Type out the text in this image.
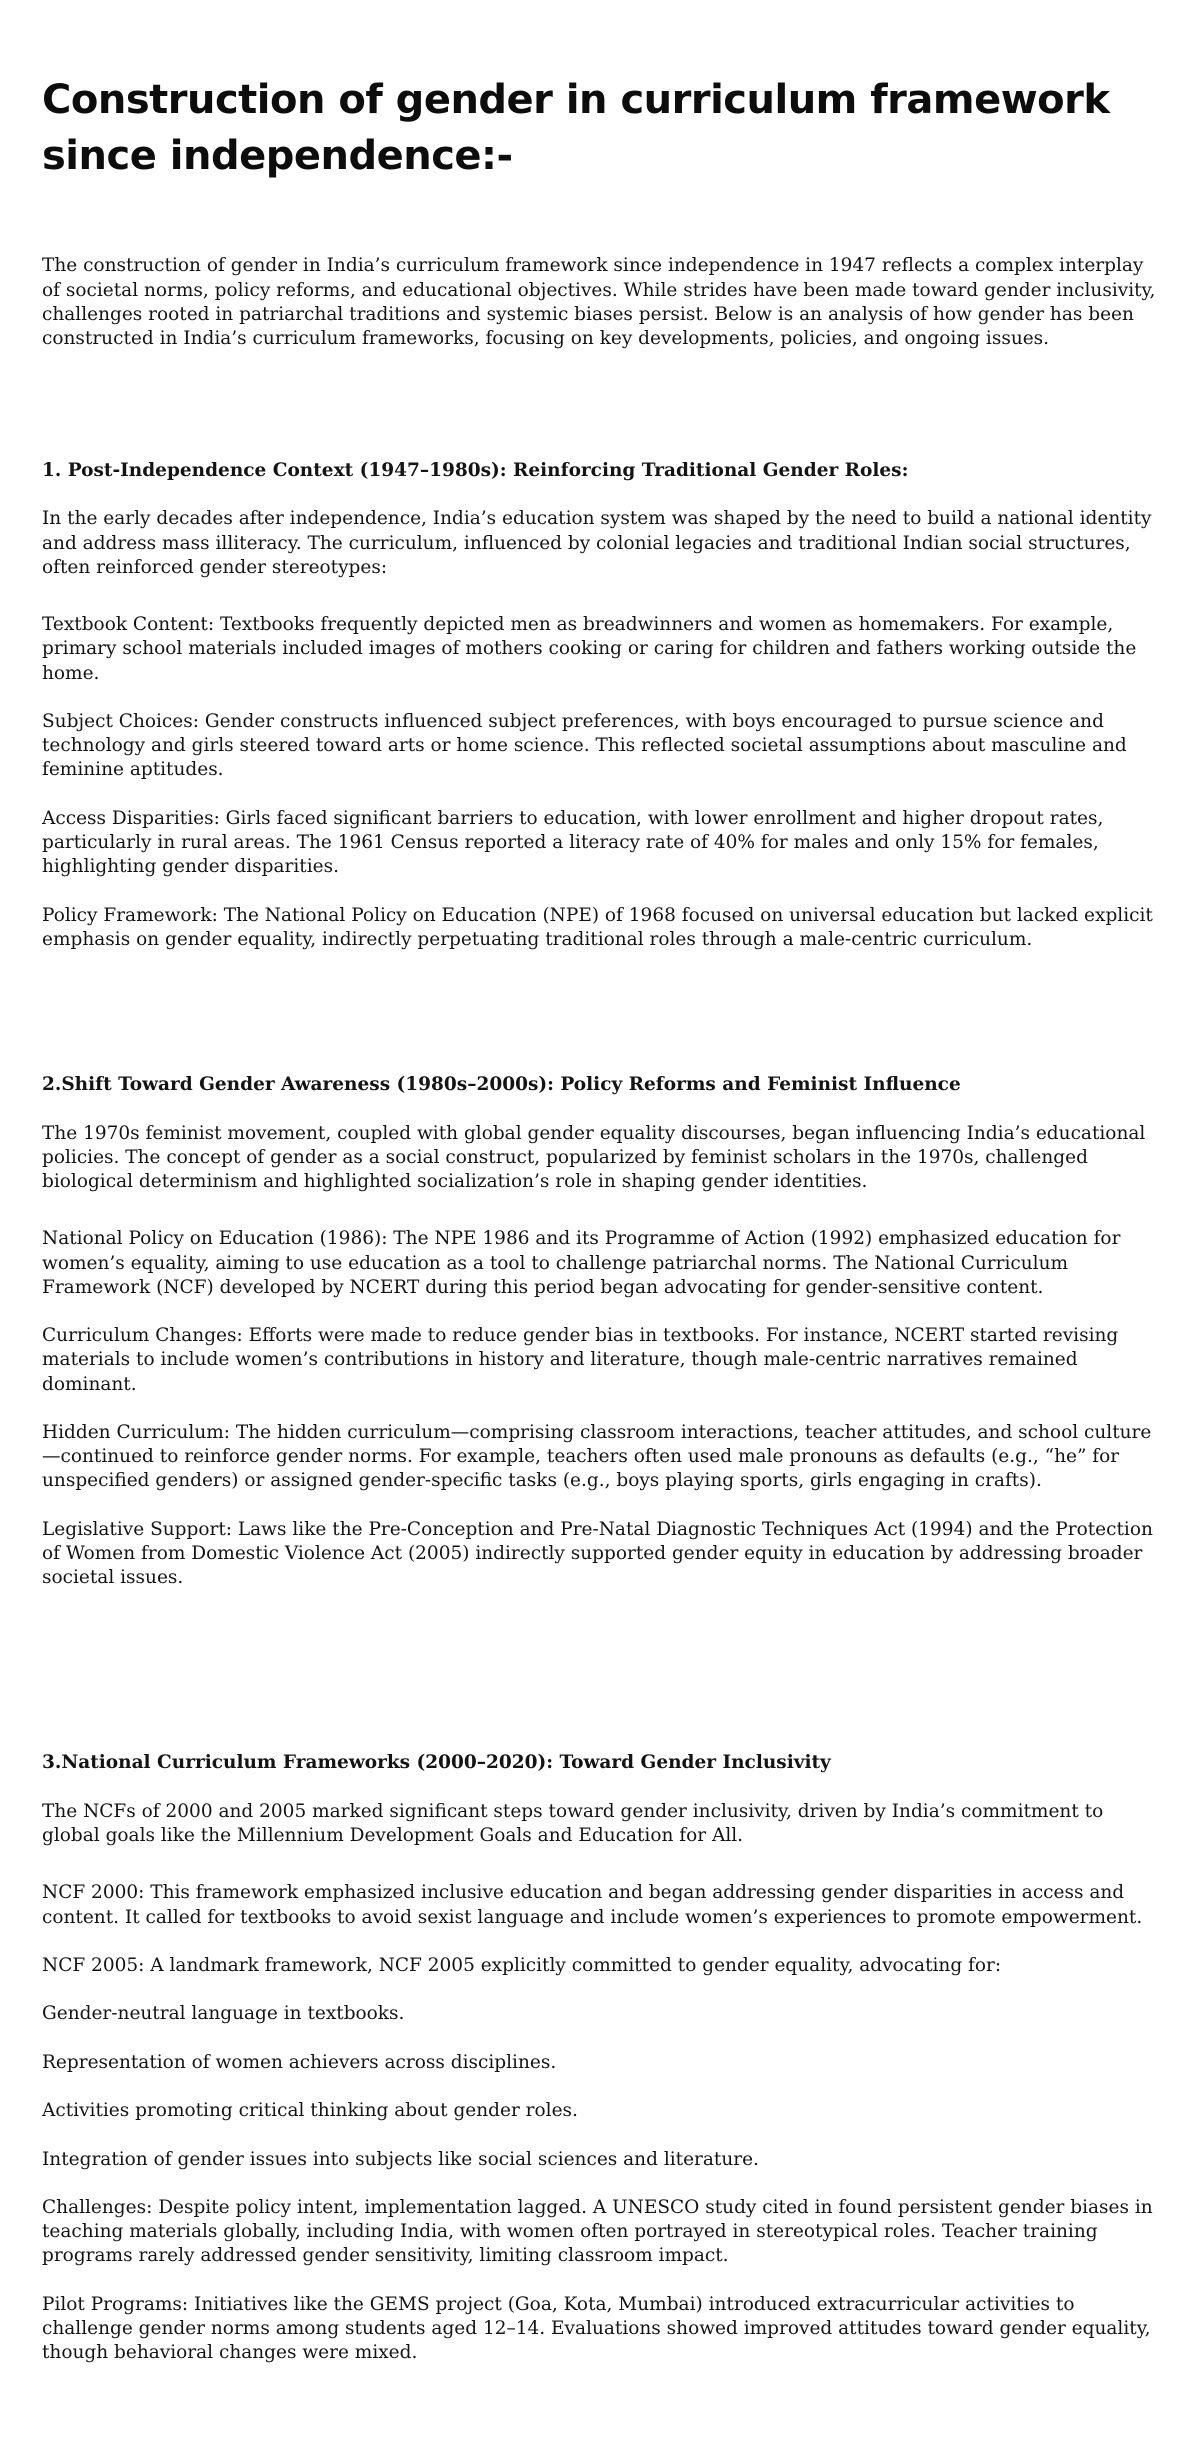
Construction of gender in curriculum framework since independence:-

The construction of gender in India’s curriculum framework since independence in 1947 reflects a complex interplay of societal norms, policy reforms, and educational objectives. While strides have been made toward gender inclusivity, challenges rooted in patriarchal traditions and systemic biases persist. Below is an analysis of how gender has been constructed in India’s curriculum frameworks, focusing on key developments, policies, and ongoing issues.

1. Post-Independence Context (1947–1980s): Reinforcing Traditional Gender Roles:

In the early decades after independence, India’s education system was shaped by the need to build a national identity and address mass illiteracy. The curriculum, influenced by colonial legacies and traditional Indian social structures, often reinforced gender stereotypes:

Textbook Content: Textbooks frequently depicted men as breadwinners and women as homemakers. For example, primary school materials included images of mothers cooking or caring for children and fathers working outside the home.

Subject Choices: Gender constructs influenced subject preferences, with boys encouraged to pursue science and technology and girls steered toward arts or home science. This reflected societal assumptions about masculine and feminine aptitudes.

Access Disparities: Girls faced significant barriers to education, with lower enrollment and higher dropout rates, particularly in rural areas. The 1961 Census reported a literacy rate of 40% for males and only 15% for females, highlighting gender disparities.

Policy Framework: The National Policy on Education (NPE) of 1968 focused on universal education but lacked explicit emphasis on gender equality, indirectly perpetuating traditional roles through a male-centric curriculum.

2.Shift Toward Gender Awareness (1980s–2000s): Policy Reforms and Feminist Influence

The 1970s feminist movement, coupled with global gender equality discourses, began influencing India’s educational policies. The concept of gender as a social construct, popularized by feminist scholars in the 1970s, challenged biological determinism and highlighted socialization’s role in shaping gender identities.

National Policy on Education (1986): The NPE 1986 and its Programme of Action (1992) emphasized education for women’s equality, aiming to use education as a tool to challenge patriarchal norms. The National Curriculum Framework (NCF) developed by NCERT during this period began advocating for gender-sensitive content.

Curriculum Changes: Efforts were made to reduce gender bias in textbooks. For instance, NCERT started revising materials to include women’s contributions in history and literature, though male-centric narratives remained dominant.

Hidden Curriculum: The hidden curriculum—comprising classroom interactions, teacher attitudes, and school culture—continued to reinforce gender norms. For example, teachers often used male pronouns as defaults (e.g., “he” for unspecified genders) or assigned gender-specific tasks (e.g., boys playing sports, girls engaging in crafts).

Legislative Support: Laws like the Pre-Conception and Pre-Natal Diagnostic Techniques Act (1994) and the Protection of Women from Domestic Violence Act (2005) indirectly supported gender equity in education by addressing broader societal issues.

3.National Curriculum Frameworks (2000–2020): Toward Gender Inclusivity

The NCFs of 2000 and 2005 marked significant steps toward gender inclusivity, driven by India’s commitment to global goals like the Millennium Development Goals and Education for All.

NCF 2000: This framework emphasized inclusive education and began addressing gender disparities in access and content. It called for textbooks to avoid sexist language and include women’s experiences to promote empowerment.

NCF 2005: A landmark framework, NCF 2005 explicitly committed to gender equality, advocating for:

Gender-neutral language in textbooks.

Representation of women achievers across disciplines.

Activities promoting critical thinking about gender roles.

Integration of gender issues into subjects like social sciences and literature.

Challenges: Despite policy intent, implementation lagged. A UNESCO study cited in found persistent gender biases in teaching materials globally, including India, with women often portrayed in stereotypical roles. Teacher training programs rarely addressed gender sensitivity, limiting classroom impact.

Pilot Programs: Initiatives like the GEMS project (Goa, Kota, Mumbai) introduced extracurricular activities to challenge gender norms among students aged 12–14. Evaluations showed improved attitudes toward gender equality, though behavioral changes were mixed.
